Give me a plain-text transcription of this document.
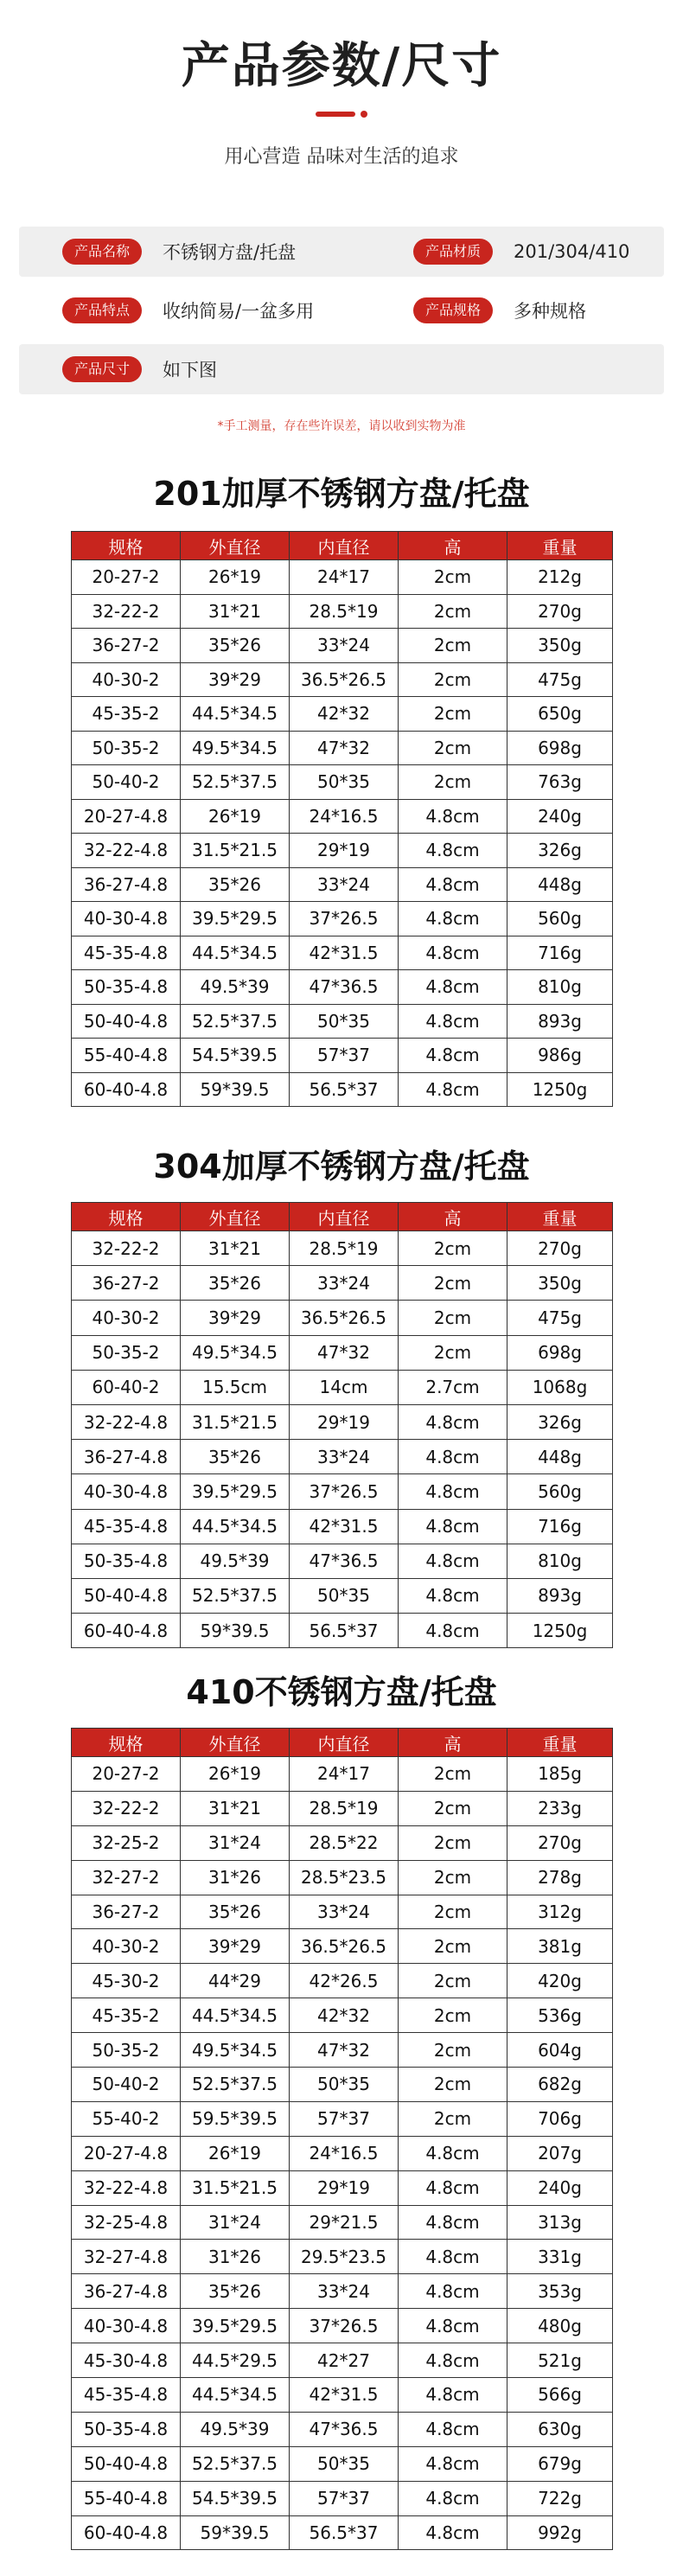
产品参数/尺寸
用心营造 品味对生活的追求
产品名称	不锈钢方盘/托盘	产品材质	201/304/410
产品特点	收纳简易/一盆多用	产品规格	多种规格
产品尺寸	如下图
*手工测量，存在些许误差，请以收到实物为准
201加厚不锈钢方盘/托盘
规格	外直径	内直径	高	重量
20-27-2	26*19	24*17	2cm	212g
32-22-2	31*21	28.5*19	2cm	270g
36-27-2	35*26	33*24	2cm	350g
40-30-2	39*29	36.5*26.5	2cm	475g
45-35-2	44.5*34.5	42*32	2cm	650g
50-35-2	49.5*34.5	47*32	2cm	698g
50-40-2	52.5*37.5	50*35	2cm	763g
20-27-4.8	26*19	24*16.5	4.8cm	240g
32-22-4.8	31.5*21.5	29*19	4.8cm	326g
36-27-4.8	35*26	33*24	4.8cm	448g
40-30-4.8	39.5*29.5	37*26.5	4.8cm	560g
45-35-4.8	44.5*34.5	42*31.5	4.8cm	716g
50-35-4.8	49.5*39	47*36.5	4.8cm	810g
50-40-4.8	52.5*37.5	50*35	4.8cm	893g
55-40-4.8	54.5*39.5	57*37	4.8cm	986g
60-40-4.8	59*39.5	56.5*37	4.8cm	1250g
304加厚不锈钢方盘/托盘
规格	外直径	内直径	高	重量
32-22-2	31*21	28.5*19	2cm	270g
36-27-2	35*26	33*24	2cm	350g
40-30-2	39*29	36.5*26.5	2cm	475g
50-35-2	49.5*34.5	47*32	2cm	698g
60-40-2	15.5cm	14cm	2.7cm	1068g
32-22-4.8	31.5*21.5	29*19	4.8cm	326g
36-27-4.8	35*26	33*24	4.8cm	448g
40-30-4.8	39.5*29.5	37*26.5	4.8cm	560g
45-35-4.8	44.5*34.5	42*31.5	4.8cm	716g
50-35-4.8	49.5*39	47*36.5	4.8cm	810g
50-40-4.8	52.5*37.5	50*35	4.8cm	893g
60-40-4.8	59*39.5	56.5*37	4.8cm	1250g
410不锈钢方盘/托盘
规格	外直径	内直径	高	重量
20-27-2	26*19	24*17	2cm	185g
32-22-2	31*21	28.5*19	2cm	233g
32-25-2	31*24	28.5*22	2cm	270g
32-27-2	31*26	28.5*23.5	2cm	278g
36-27-2	35*26	33*24	2cm	312g
40-30-2	39*29	36.5*26.5	2cm	381g
45-30-2	44*29	42*26.5	2cm	420g
45-35-2	44.5*34.5	42*32	2cm	536g
50-35-2	49.5*34.5	47*32	2cm	604g
50-40-2	52.5*37.5	50*35	2cm	682g
55-40-2	59.5*39.5	57*37	2cm	706g
20-27-4.8	26*19	24*16.5	4.8cm	207g
32-22-4.8	31.5*21.5	29*19	4.8cm	240g
32-25-4.8	31*24	29*21.5	4.8cm	313g
32-27-4.8	31*26	29.5*23.5	4.8cm	331g
36-27-4.8	35*26	33*24	4.8cm	353g
40-30-4.8	39.5*29.5	37*26.5	4.8cm	480g
45-30-4.8	44.5*29.5	42*27	4.8cm	521g
45-35-4.8	44.5*34.5	42*31.5	4.8cm	566g
50-35-4.8	49.5*39	47*36.5	4.8cm	630g
50-40-4.8	52.5*37.5	50*35	4.8cm	679g
55-40-4.8	54.5*39.5	57*37	4.8cm	722g
60-40-4.8	59*39.5	56.5*37	4.8cm	992g
